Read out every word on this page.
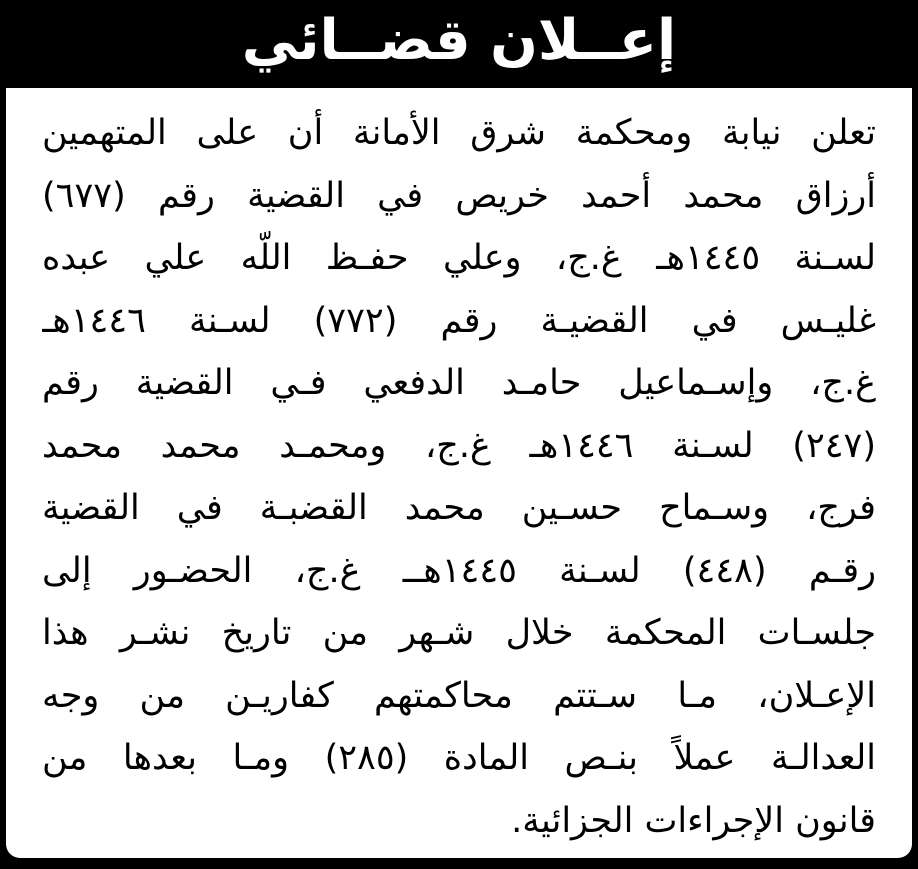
إعــلان قضــائي
تعلن نيابة ومحكمة شرق الأمانة أن على المتهمين
أرزاق محمد أحمد خريص في القضية رقم (٦٧٧)
لسـنة ١٤٤٥هـ غ.ج، وعلي حفـظ اللّه علي عبده
غليـس في القضيـة رقم (٧٧٢) لسـنة ١٤٤٦هـ
غ.ج، وإسـماعيل حامـد الدفعي فـي القضية رقم
(٢٤٧) لسـنة ١٤٤٦هـ غ.ج، ومحمـد محمد محمد
فرج، وسـماح حسـين محمد القضبـة في القضية
رقـم (٤٤٨) لسـنة ١٤٤٥هــ غ.ج، الحضـور إلى
جلسـات المحكمة خلال شـهر من تاريخ نشـر هذا
الإعـلان، مـا سـتتم محاكمتهم كفاريـن من وجه
العدالـة عملاً بنـص المادة (٢٨٥) ومـا بعدها من
قانون الإجراءات الجزائية.
